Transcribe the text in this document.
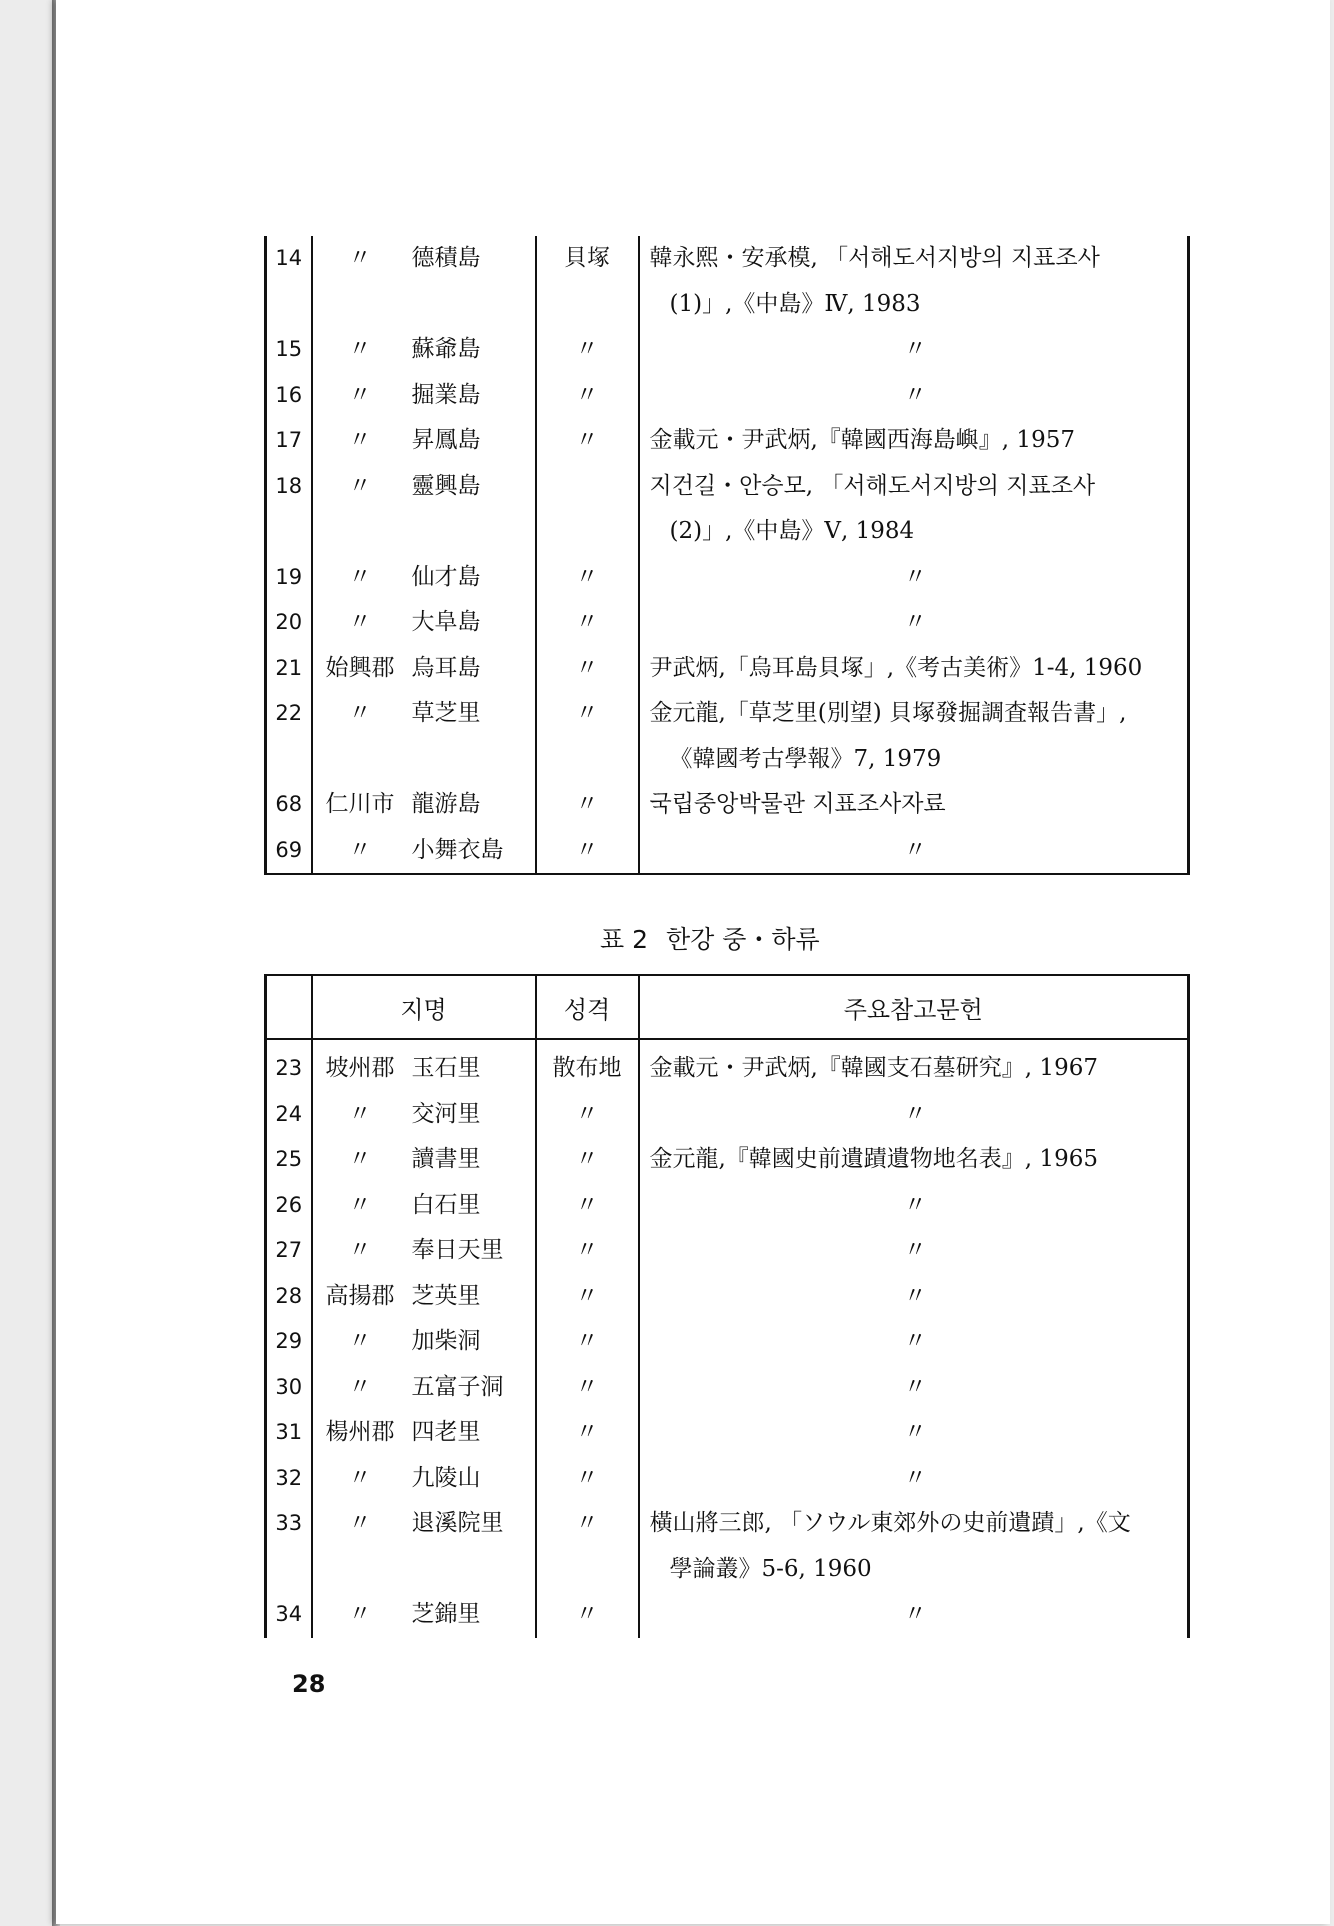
14	〃	德積島	貝塚	韓永熙・安承模, 「서해도서지방의 지표조사
(1)」,《中島》Ⅳ, 1983

15	〃	蘇爺島	〃	〃
16	〃	掘業島	〃	〃
17	〃	昇鳳島	〃	金載元・尹武炳,『韓國西海島嶼』, 1957
18	〃	靈興島		지건길・안승모, 「서해도서지방의 지표조사
(2)」,《中島》Ⅴ, 1984

19	〃	仙才島	〃	〃
20	〃	大阜島	〃	〃
21	始興郡	烏耳島	〃	尹武炳,「烏耳島貝塚」,《考古美術》1-4, 1960
22	〃	草芝里	〃	金元龍,「草芝里(別望) 貝塚發掘調査報告書」,
《韓國考古學報》7, 1979

68	仁川市	龍游島	〃	국립중앙박물관 지표조사자료
69	〃	小舞衣島	〃	〃
표 2 한강 중・하류
	지명		성격	주요참고문헌
23	坡州郡	玉石里	散布地	金載元・尹武炳,『韓國支石墓研究』, 1967
24	〃	交河里	〃	〃
25	〃	讀書里	〃	金元龍,『韓國史前遺蹟遺物地名表』, 1965
26	〃	白石里	〃	〃
27	〃	奉日天里	〃	〃
28	高揚郡	芝英里	〃	〃
29	〃	加柴洞	〃	〃
30	〃	五富子洞	〃	〃
31	楊州郡	四老里	〃	〃
32	〃	九陵山	〃	〃
33	〃	退溪院里	〃	橫山將三郎, 「ソウル東郊外の史前遺蹟」,《文
學論叢》5-6, 1960

34	〃	芝錦里	〃	〃
28
